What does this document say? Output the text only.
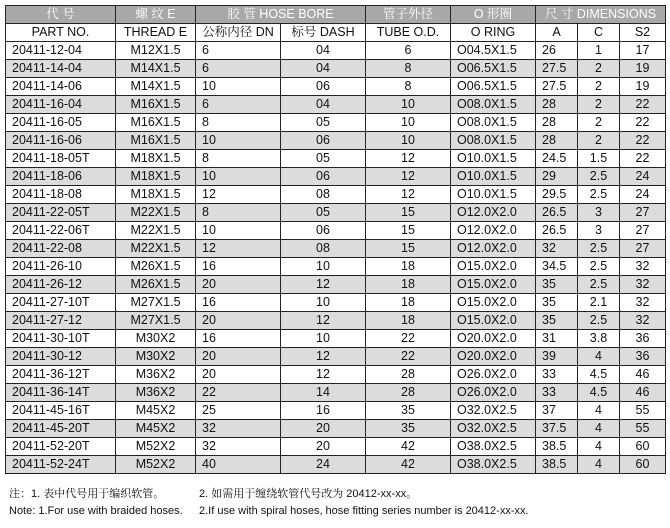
代 号	螺 纹 E	胶 管 HOSE BORE		管子外径	O 形圈	尺 寸 DIMENSIONS		
PART NO.	THREAD E	公称内径 DN	标号 DASH	TUBE O.D.	O RING	A	C	S2
20411-12-04	M12X1.5	6	04	6	O04.5X1.5	26	1	17
20411-14-04	M14X1.5	6	04	8	O06.5X1.5	27.5	2	19
20411-14-06	M14X1.5	10	06	8	O06.5X1.5	27.5	2	19
20411-16-04	M16X1.5	6	04	10	O08.0X1.5	28	2	22
20411-16-05	M16X1.5	8	05	10	O08.0X1.5	28	2	22
20411-16-06	M16X1.5	10	06	10	O08.0X1.5	28	2	22
20411-18-05T	M18X1.5	8	05	12	O10.0X1.5	24.5	1.5	22
20411-18-06	M18X1.5	10	06	12	O10.0X1.5	29	2.5	24
20411-18-08	M18X1.5	12	08	12	O10.0X1.5	29.5	2.5	24
20411-22-05T	M22X1.5	8	05	15	O12.0X2.0	26.5	3	27
20411-22-06T	M22X1.5	10	06	15	O12.0X2.0	26.5	3	27
20411-22-08	M22X1.5	12	08	15	O12.0X2.0	32	2.5	27
20411-26-10	M26X1.5	16	10	18	O15.0X2.0	34.5	2.5	32
20411-26-12	M26X1.5	20	12	18	O15.0X2.0	35	2.5	32
20411-27-10T	M27X1.5	16	10	18	O15.0X2.0	35	2.1	32
20411-27-12	M27X1.5	20	12	18	O15.0X2.0	35	2.5	32
20411-30-10T	M30X2	16	10	22	O20.0X2.0	31	3.8	36
20411-30-12	M30X2	20	12	22	O20.0X2.0	39	4	36
20411-36-12T	M36X2	20	12	28	O26.0X2.0	33	4.5	46
20411-36-14T	M36X2	22	14	28	O26.0X2.0	33	4.5	46
20411-45-16T	M45X2	25	16	35	O32.0X2.5	37	4	55
20411-45-20T	M45X2	32	20	35	O32.0X2.5	37.5	4	55
20411-52-20T	M52X2	32	20	42	O38.0X2.5	38.5	4	60
20411-52-24T	M52X2	40	24	42	O38.0X2.5	38.5	4	60
注：1. 表中代号用于编织软管。	2. 如需用于缠绕软管代号改为 20412-xx-xx。
Note: 1.For use with braided hoses.	2.If use with spiral hoses, hose fitting series number is 20412-xx-xx.
